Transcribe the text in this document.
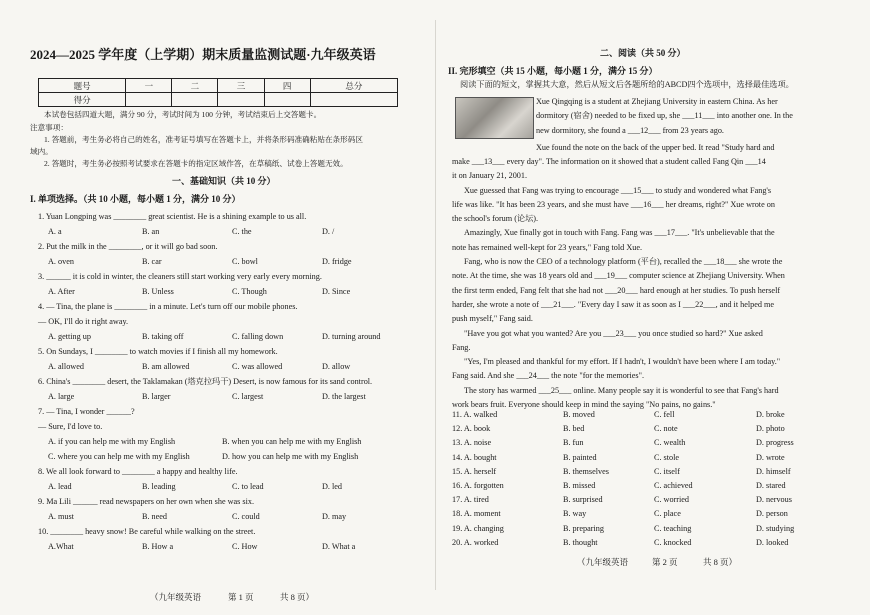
2024—2025 学年度（上学期）期末质量监测试题·九年级英语
题号	一	二	三	四	总分
得分					
本试卷包括四道大题，满分 90 分，考试时间为 100 分钟，考试结束后上交答题卡。
注意事项：
1. 答题前，考生务必将自己的姓名，准考证号填写在答题卡上，并将条形码准确粘贴在条形码区
域内。
2. 答题时，考生务必按照考试要求在答题卡的指定区域作答，在草稿纸、试卷上答题无效。
一、基础知识（共 10 分）
I. 单项选择。（共 10 小题，每小题 1 分，满分 10 分）
1. Yuan Longping was ________ great scientist. He is a shining example to us all.
A. a	B. an	C. the	D. /
2. Put the milk in the ________, or it will go bad soon.
A. oven	B. car	C. bowl	D. fridge
3. ______ it is cold in winter, the cleaners still start working very early every morning.
A. After	B. Unless	C. Though	D. Since
4. — Tina, the plane is ________ in a minute. Let's turn off our mobile phones.
— OK, I'll do it right away.
A. getting up	B. taking off	C. falling down	D. turning around
5. On Sundays, I ________ to watch movies if I finish all my homework.
A. allowed	B. am allowed	C. was allowed	D. allow
6. China's ________ desert, the Taklamakan (塔克拉玛干) Desert, is now famous for its sand control.
A. large	B. larger	C. largest	D. the largest
7. — Tina, I wonder ______?
— Sure, I'd love to.
A. if you can help me with my English	B. when you can help me with my English
C. where you can help me with my English	D. how you can help me with my English
8. We all look forward to ________ a happy and healthy life.
A. lead	B. leading	C. to lead	D. led
9. Ma Lili ______ read newspapers on her own when she was six.
A. must	B. need	C. could	D. may
10. ________ heavy snow! Be careful while walking on the street.
A.What	B. How a	C. How	D. What a
（九年级英语	第 1 页	共 8 页）
二、阅读（共 50 分）
II. 完形填空（共 15 小题，每小题 1 分，满分 15 分）
阅读下面的短文，掌握其大意，然后从短文后各题所给的ABCD四个选项中，选择最佳选项。
Xue Qingqing is a student at Zhejiang University in eastern China. As her
dormitory (宿舍) needed to be fixed up, she ___11___ into another one. In the
new dormitory, she found a ___12___ from 23 years ago.
Xue found the note on the back of the upper bed. It read "Study hard and
make ___13___ every day". The information on it showed that a student called Fang Qin ___14
it on January 21, 2001.
Xue guessed that Fang was trying to encourage ___15___ to study and wondered what Fang's
life was like. "It has been 23 years, and she must have ___16___ her dreams, right?" Xue wrote on
the school's forum (论坛).
Amazingly, Xue finally got in touch with Fang. Fang was ___17___. "It's unbelievable that the
note has remained well-kept for 23 years," Fang told Xue.
Fang, who is now the CEO of a technology platform (平台), recalled the ___18___ she wrote the
note. At the time, she was 18 years old and ___19___ computer science at Zhejiang University. When
the first term ended, Fang felt that she had not ___20___ hard enough at her studies. To push herself
harder, she wrote a note of ___21___. "Every day I saw it as soon as I ___22___, and it helped me
push myself," Fang said.
"Have you got what you wanted? Are you ___23___ you once studied so hard?" Xue asked
Fang.
"Yes, I'm pleased and thankful for my effort. If I hadn't, I wouldn't have been where I am today."
Fang said. And she ___24___ the note "for the memories".
The story has warmed ___25___ online. Many people say it is wonderful to see that Fang's hard
work bears fruit. Everyone should keep in mind the saying "No pains, no gains."
11. A. walked	B. moved	C. fell	D. broke
12. A. book	B. bed	C. note	D. photo
13. A. noise	B. fun	C. wealth	D. progress
14. A. bought	B. painted	C. stole	D. wrote
15. A. herself	B. themselves	C. itself	D. himself
16. A. forgotten	B. missed	C. achieved	D. stared
17. A. tired	B. surprised	C. worried	D. nervous
18. A. moment	B. way	C. place	D. person
19. A. changing	B. preparing	C. teaching	D. studying
20. A. worked	B. thought	C. knocked	D. looked
（九年级英语	第 2 页	共 8 页）
